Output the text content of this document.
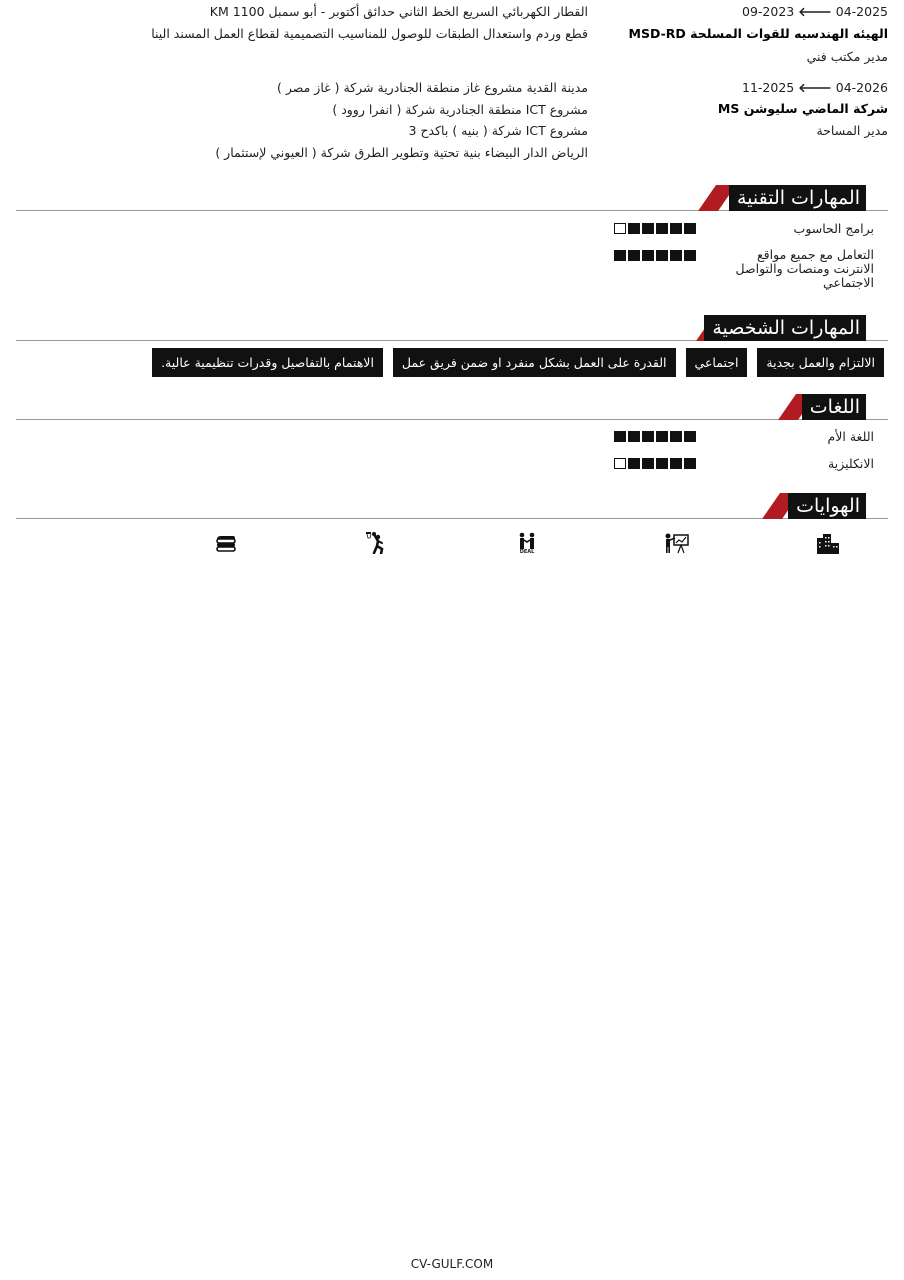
09-2023 🡐 04-2025
الهيئه الهندسيه للقوات المسلحة MSD-RD
مدير مكتب فني
القطار الكهربائي السريع الخط الثاني حدائق أكتوبر - أبو سمبل KM 1100
قطع وردم واستعدال الطبقات للوصول للمناسيب التصميمية لقطاع العمل المسند الينا
11-2025 🡐 04-2026
شركة الماضي سليوشن MS
مدير المساحة
مدينة القدية مشروع غاز منطقة الجنادرية شركة ( غاز مصر )
مشروع ICT منطقة الجنادرية شركة ( انفرا روود )
مشروع ICT شركة ( بنيه ) باكدح 3
الرياض الدار البيضاء بنية تحتية وتطوير الطرق شركة ( العيوني لإستثمار )
المهارات التقنية
برامج الحاسوب
التعامل مع جميع مواقع الانترنت ومنصات والتواصل الاجتماعي
المهارات الشخصية
الالتزام والعمل بجدية
اجتماعي
القدرة على العمل بشكل منفرد او ضمن فريق عمل
الاهتمام بالتفاصيل وقدرات تنظيمية عالية.
اللغات
اللغة الأم
الانكليزية
الهوايات
DEAL
CV-GULF.COM
